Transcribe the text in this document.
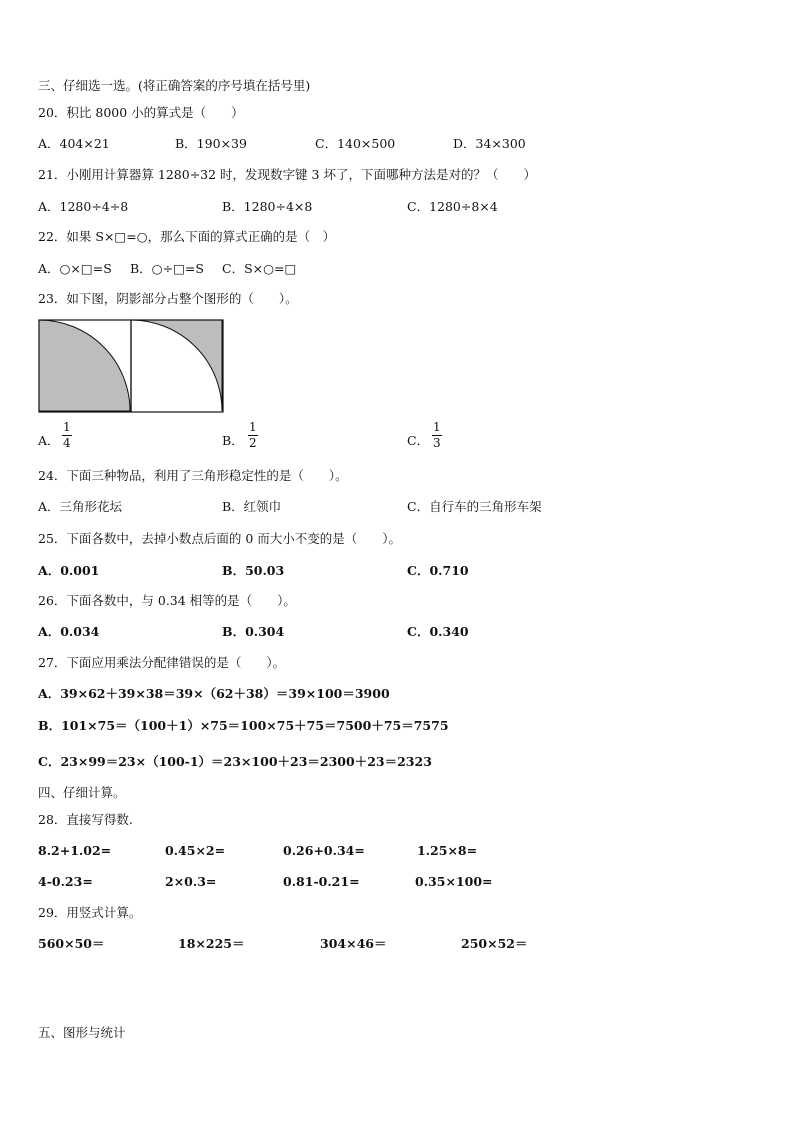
三、仔细选一选。(将正确答案的序号填在括号里)
20．积比 8000 小的算式是（　　）
A．404×21	B．190×39	C．140×500	D．34×300
21．小刚用计算器算 1280÷32 时，发现数字键 3 坏了，下面哪种方法是对的？（　　）
A．1280÷4÷8	B．1280÷4×8	C．1280÷8×4
22．如果 S×□=○，那么下面的算式正确的是（　）
A．○×□=S B．○÷□=S C．S×○=□
23．如下图，阴影部分占整个图形的（　　）。
A．
1
4	B．
1
2	C．
1
3
24．下面三种物品，利用了三角形稳定性的是（　　）。
A．三角形花坛	B．红领巾	C．自行车的三角形车架
25．下面各数中，去掉小数点后面的 0 而大小不变的是（　　）。
A．0.001	B．50.03	C．0.710
26．下面各数中，与 0.34 相等的是（　　）。
A．0.034	B．0.304	C．0.340
27．下面应用乘法分配律错误的是（　　）。
A．39×62＋39×38＝39×（62＋38）＝39×100＝3900
B．101×75＝（100＋1）×75＝100×75＋75＝7500＋75＝7575
C．23×99＝23×（100-1）＝23×100＋23＝2300＋23＝2323
四、仔细计算。
28．直接写得数.
8.2+1.02=	0.45×2=	0.26+0.34=	1.25×8=
4-0.23=	2×0.3=	0.81-0.21=	0.35×100=
29．用竖式计算。
560×50＝	18×225＝	304×46＝	250×52＝
五、图形与统计
